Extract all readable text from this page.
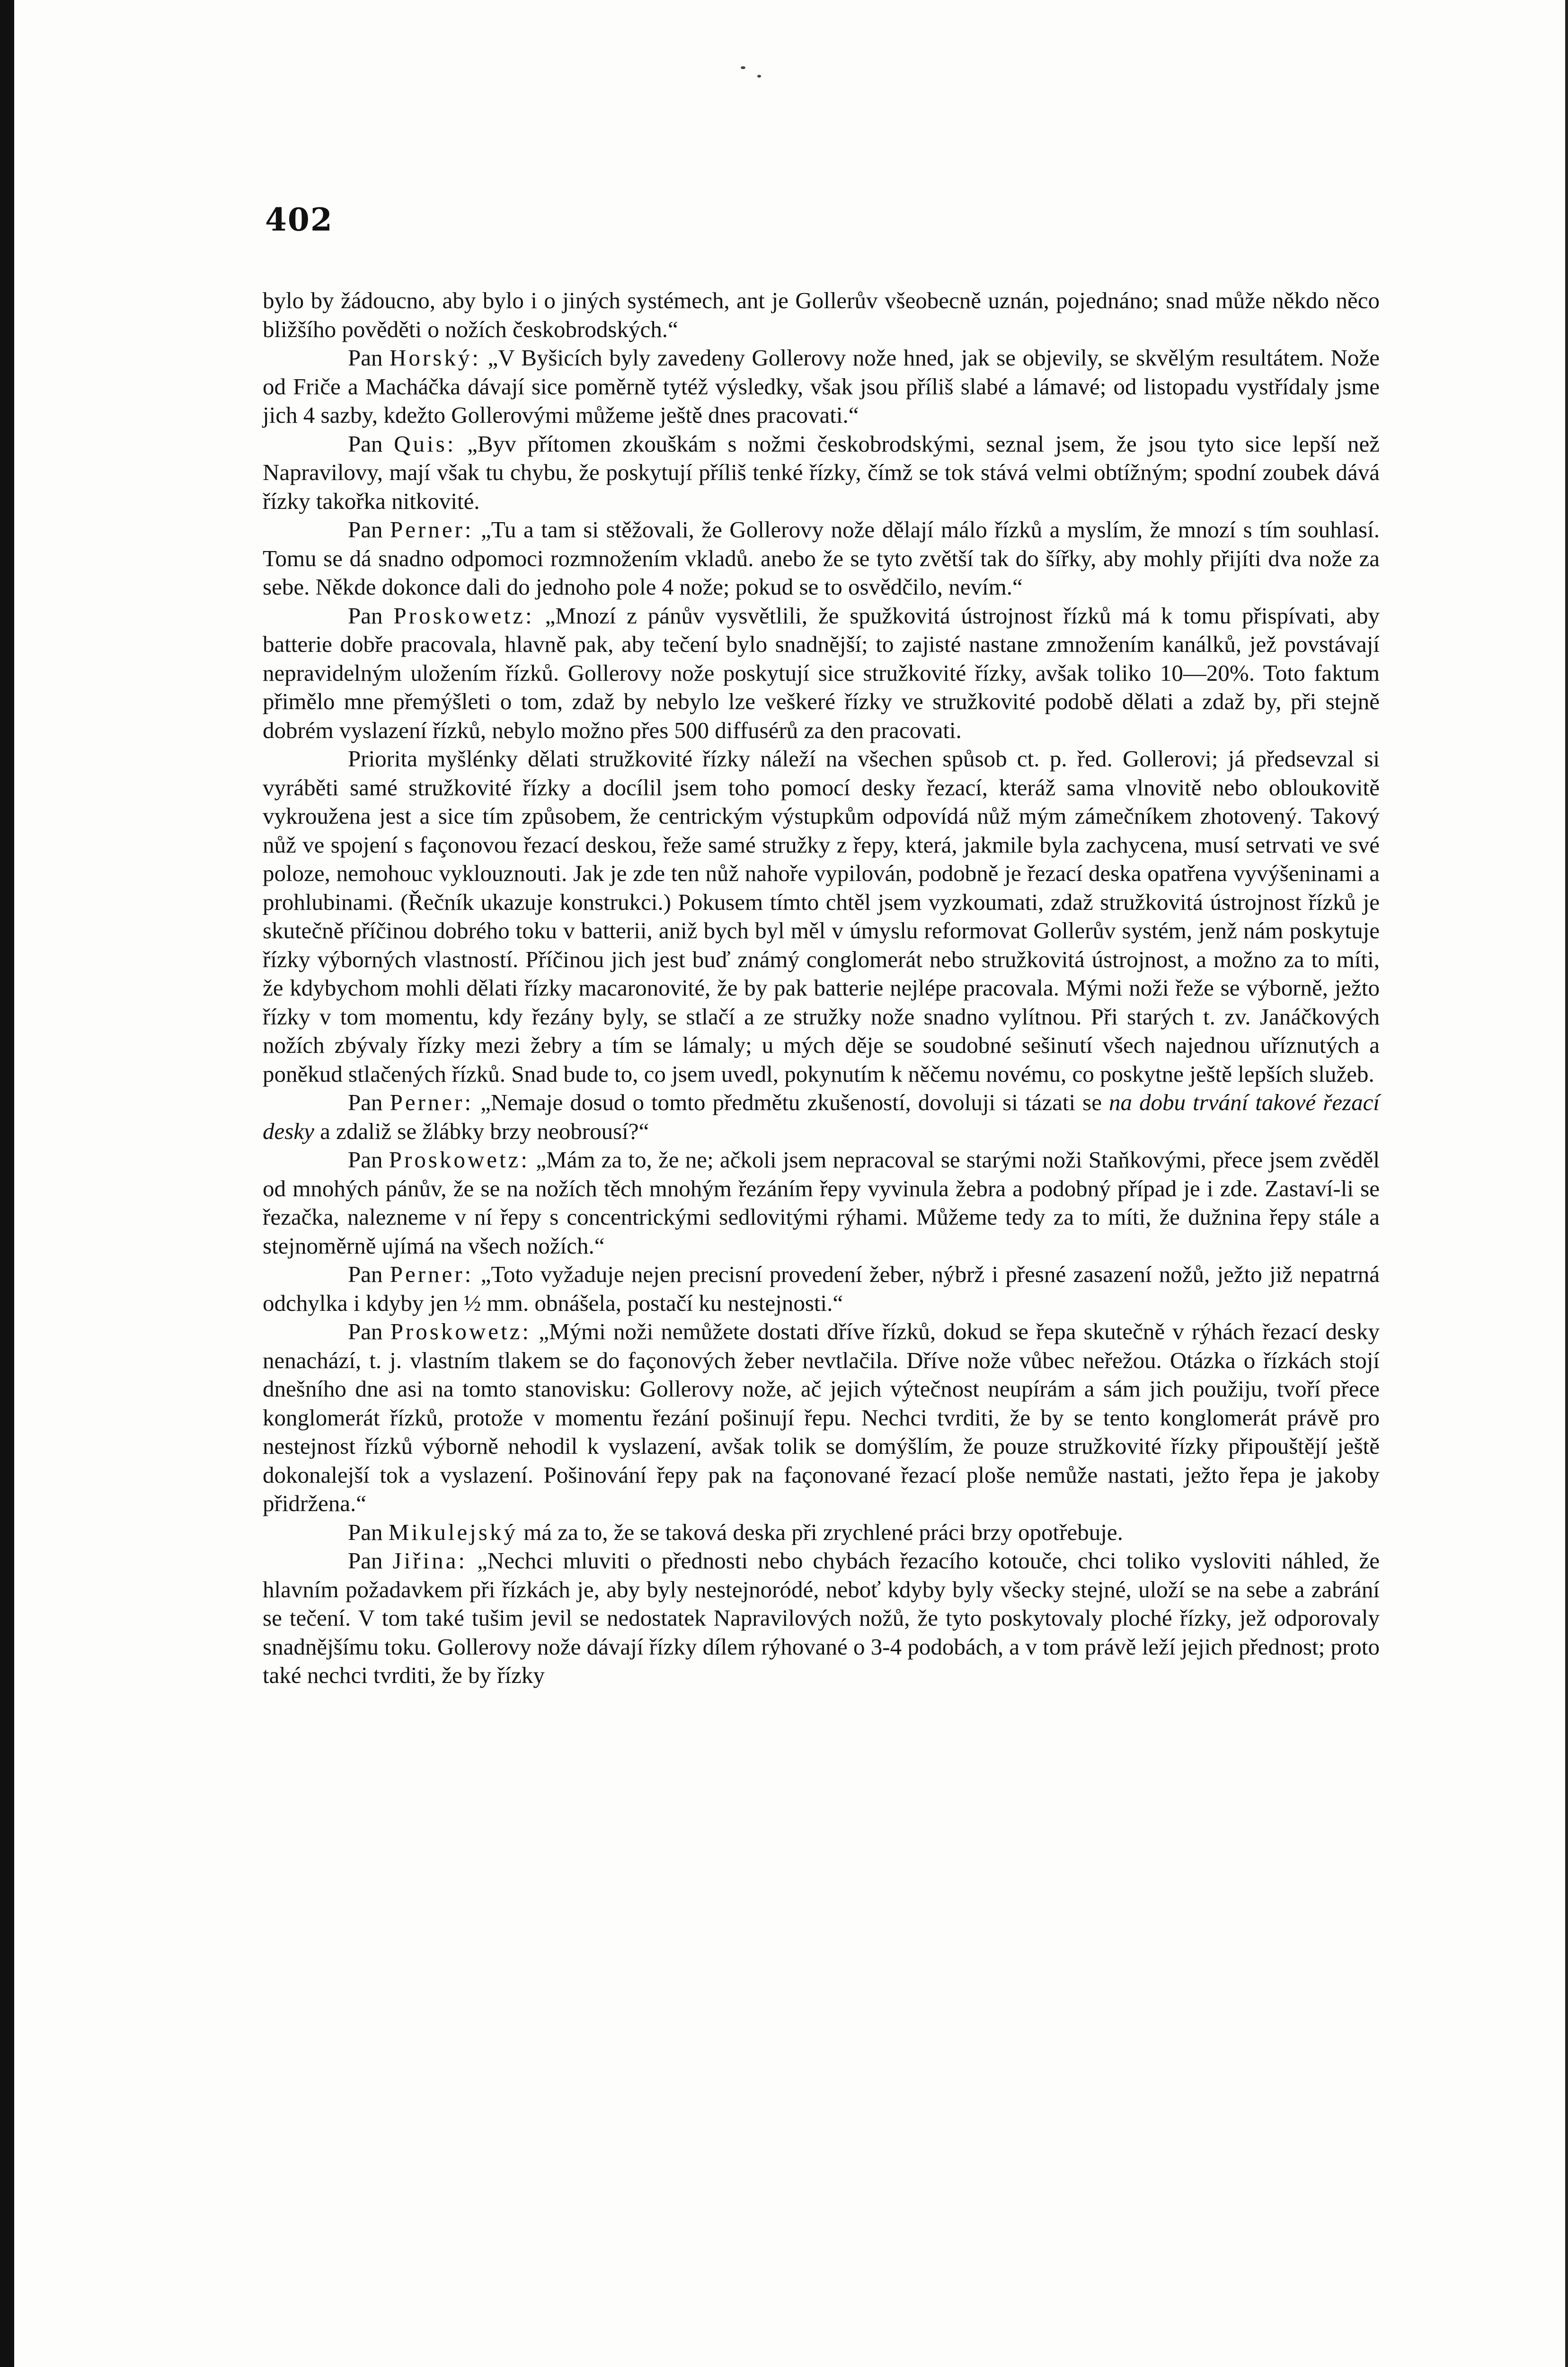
402

bylo by žádoucno, aby bylo i o jiných systémech, ant je Gollerův všeobecně uznán, pojednáno; snad může někdo něco bližšího pověděti o nožích českobrodských.“

Pan Horský: „V Byšicích byly zavedeny Gollerovy nože hned, jak se objevily, se skvělým resultátem. Nože od Friče a Macháčka dávají sice poměrně tytéž výsledky, však jsou příliš slabé a lámavé; od listopadu vystřídaly jsme jich 4 sazby, kdežto Gollerovými můžeme ještě dnes pracovati.“

Pan Quis: „Byv přítomen zkouškám s nožmi českobrodskými, seznal jsem, že jsou tyto sice lepší než Napravilovy, mají však tu chybu, že poskytují příliš tenké řízky, čímž se tok stává velmi obtížným; spodní zoubek dává řízky takořka nitkovité.

Pan Perner: „Tu a tam si stěžovali, že Gollerovy nože dělají málo řízků a myslím, že mnozí s tím souhlasí. Tomu se dá snadno odpomoci rozmnožením vkladů. anebo že se tyto zvětší tak do šířky, aby mohly přijíti dva nože za sebe. Někde dokonce dali do jednoho pole 4 nože; pokud se to osvědčilo, nevím.“

Pan Proskowetz: „Mnozí z pánův vysvětlili, že spužkovitá ústrojnost řízků má k tomu přispívati, aby batterie dobře pracovala, hlavně pak, aby tečení bylo snadnější; to zajisté nastane zmnožením kanálků, jež povstávají nepravidelným uložením řízků. Gollerovy nože poskytují sice stružkovité řízky, avšak toliko 10—20%. Toto faktum přimělo mne přemýšleti o tom, zdaž by nebylo lze veškeré řízky ve stružkovité podobě dělati a zdaž by, při stejně dobrém vyslazení řízků, nebylo možno přes 500 diffusérů za den pracovati.

Priorita myšlénky dělati stružkovité řízky náleží na všechen spůsob ct. p. řed. Gollerovi; já předsevzal si vyráběti samé stružkovité řízky a docílil jsem toho pomocí desky řezací, kteráž sama vlnovitě nebo obloukovitě vykroužena jest a sice tím způsobem, že centrickým výstupkům odpovídá nůž mým zámečníkem zhotovený. Takový nůž ve spojení s façonovou řezací deskou, řeže samé stružky z řepy, která, jakmile byla zachycena, musí setrvati ve své poloze, nemohouc vyklouznouti. Jak je zde ten nůž nahoře vypilován, podobně je řezací deska opatřena vyvýšeninami a prohlubinami. (Řečník ukazuje konstrukci.) Pokusem tímto chtěl jsem vyzkoumati, zdaž stružkovitá ústrojnost řízků je skutečně příčinou dobrého toku v batterii, aniž bych byl měl v úmyslu reformovat Gollerův systém, jenž nám poskytuje řízky výborných vlastností. Příčinou jich jest buď známý conglomerát nebo stružkovitá ústrojnost, a možno za to míti, že kdybychom mohli dělati řízky macaronovité, že by pak batterie nejlépe pracovala. Mými noži řeže se výborně, ježto řízky v tom momentu, kdy řezány byly, se stlačí a ze stružky nože snadno vylítnou. Při starých t. zv. Janáčkových nožích zbývaly řízky mezi žebry a tím se lámaly; u mých děje se soudobné sešinutí všech najednou uříznutých a poněkud stlačených řízků. Snad bude to, co jsem uvedl, pokynutím k něčemu novému, co poskytne ještě lepších služeb.

Pan Perner: „Nemaje dosud o tomto předmětu zkušeností, dovoluji si tázati se na dobu trvání takové řezací desky a zdaliž se žlábky brzy neobrousí?“

Pan Proskowetz: „Mám za to, že ne; ačkoli jsem nepracoval se starými noži Staňkovými, přece jsem zvěděl od mnohých pánův, že se na nožích těch mnohým řezáním řepy vyvinula žebra a podobný případ je i zde. Zastaví-li se řezačka, nalezneme v ní řepy s concentrickými sedlovitými rýhami. Můžeme tedy za to míti, že dužnina řepy stále a stejnoměrně ujímá na všech nožích.“

Pan Perner: „Toto vyžaduje nejen precisní provedení žeber, nýbrž i přesné zasazení nožů, ježto již nepatrná odchylka i kdyby jen ½ mm. obnášela, postačí ku nestejnosti.“

Pan Proskowetz: „Mými noži nemůžete dostati dříve řízků, dokud se řepa skutečně v rýhách řezací desky nenachází, t. j. vlastním tlakem se do façonových žeber nevtlačila. Dříve nože vůbec neřežou. Otázka o řízkách stojí dnešního dne asi na tomto stanovisku: Gollerovy nože, ač jejich výtečnost neupírám a sám jich použiju, tvoří přece konglomerát řízků, protože v momentu řezání pošinují řepu. Nechci tvrditi, že by se tento konglomerát právě pro nestejnost řízků výborně nehodil k vyslazení, avšak tolik se domýšlím, že pouze stružkovité řízky připouštějí ještě dokonalejší tok a vyslazení. Pošinování řepy pak na façonované řezací ploše nemůže nastati, ježto řepa je jakoby přidržena.“

Pan Mikulejský má za to, že se taková deska při zrychlené práci brzy opotřebuje.

Pan Jiřina: „Nechci mluviti o přednosti nebo chybách řezacího kotouče, chci toliko vysloviti náhled, že hlavním požadavkem při řízkách je, aby byly nestejnoródé, neboť kdyby byly všecky stejné, uloží se na sebe a zabrání se tečení. V tom také tušim jevil se nedostatek Napravilových nožů, že tyto poskytovaly ploché řízky, jež odporovaly snadnějšímu toku. Gollerovy nože dávají řízky dílem rýhované o 3-4 podobách, a v tom právě leží jejich přednost; proto také nechci tvrditi, že by řízky
